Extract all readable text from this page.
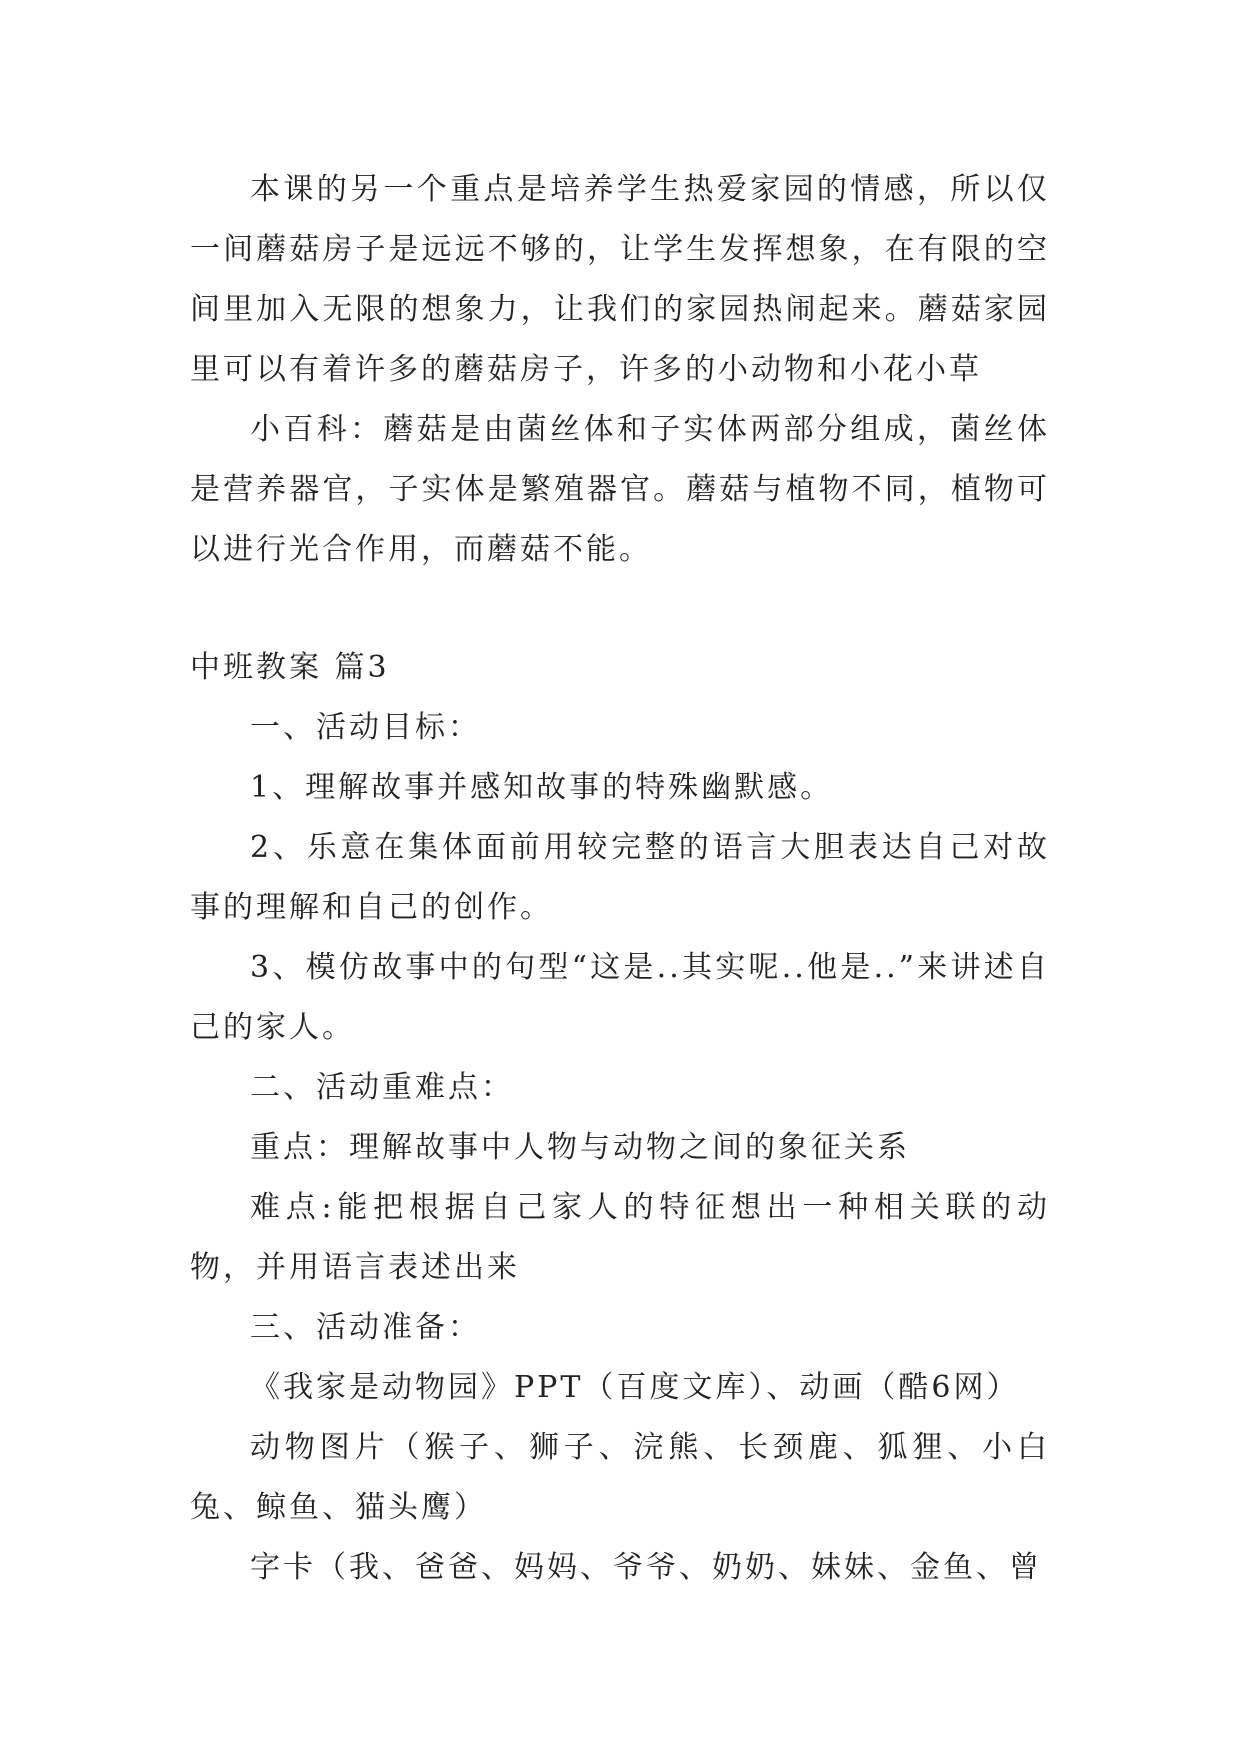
本课的另一个重点是培养学生热爱家园的情感，所以仅一间蘑菇房子是远远不够的，让学生发挥想象，在有限的空间里加入无限的想象力，让我们的家园热闹起来。蘑菇家园里可以有着许多的蘑菇房子，许多的小动物和小花小草

小百科：蘑菇是由菌丝体和子实体两部分组成，菌丝体是营养器官，子实体是繁殖器官。蘑菇与植物不同，植物可以进行光合作用，而蘑菇不能。

中班教案 篇3

一、活动目标：

1、理解故事并感知故事的特殊幽默感。

2、乐意在集体面前用较完整的语言大胆表达自己对故事的理解和自己的创作。

3、模仿故事中的句型“这是..其实呢..他是..”来讲述自己的家人。

二、活动重难点：

重点：理解故事中人物与动物之间的象征关系

难点:能把根据自己家人的特征想出一种相关联的动物，并用语言表述出来

三、活动准备：

《我家是动物园》PPT（百度文库）、动画（酷6网）

动物图片（猴子、狮子、浣熊、长颈鹿、狐狸、小白兔、鲸鱼、猫头鹰）

字卡（我、爸爸、妈妈、爷爷、奶奶、妹妹、金鱼、曾
